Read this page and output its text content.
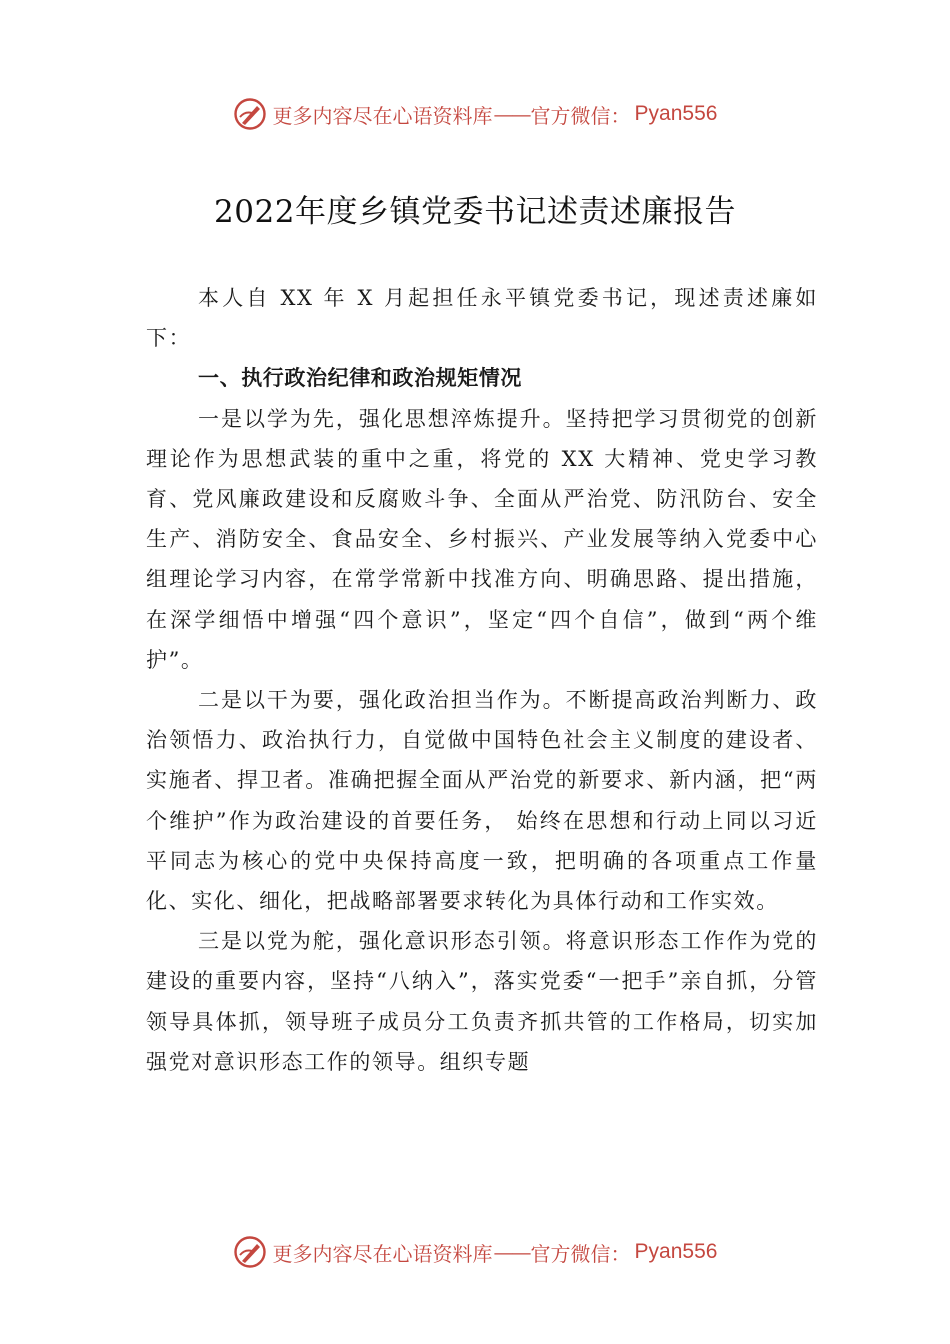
更多内容尽在心语资料库 —— 官方微信： Pyan556
2022年度乡镇党委书记述责述廉报告

本人自 XX 年 X 月起担任永平镇党委书记，现述责述廉如下：

一、执行政治纪律和政治规矩情况

一是以学为先，强化思想淬炼提升。坚持把学习贯彻党的创新理论作为思想武装的重中之重，将党的 XX 大精神、党史学习教育、党风廉政建设和反腐败斗争、全面从严治党、防汛防台、安全生产、消防安全、食品安全、乡村振兴、产业发展等纳入党委中心组理论学习内容，在常学常新中找准方向、明确思路、提出措施，在深学细悟中增强“四个意识”，坚定“四个自信”，做到“两个维护”。

二是以干为要，强化政治担当作为。不断提高政治判断力、政治领悟力、政治执行力，自觉做中国特色社会主义制度的建设者、实施者、捍卫者。准确把握全面从严治党的新要求、新内涵，把“两个维护”作为政治建设的首要任务， 始终在思想和行动上同以习近平同志为核心的党中央保持高度一致，把明确的各项重点工作量化、实化、细化，把战略部署要求转化为具体行动和工作实效。

三是以党为舵，强化意识形态引领。将意识形态工作作为党的建设的重要内容，坚持“八纳入”，落实党委“一把手”亲自抓，分管领导具体抓，领导班子成员分工负责齐抓共管的工作格局，切实加强党对意识形态工作的领导。组织专题

更多内容尽在心语资料库 —— 官方微信： Pyan556
